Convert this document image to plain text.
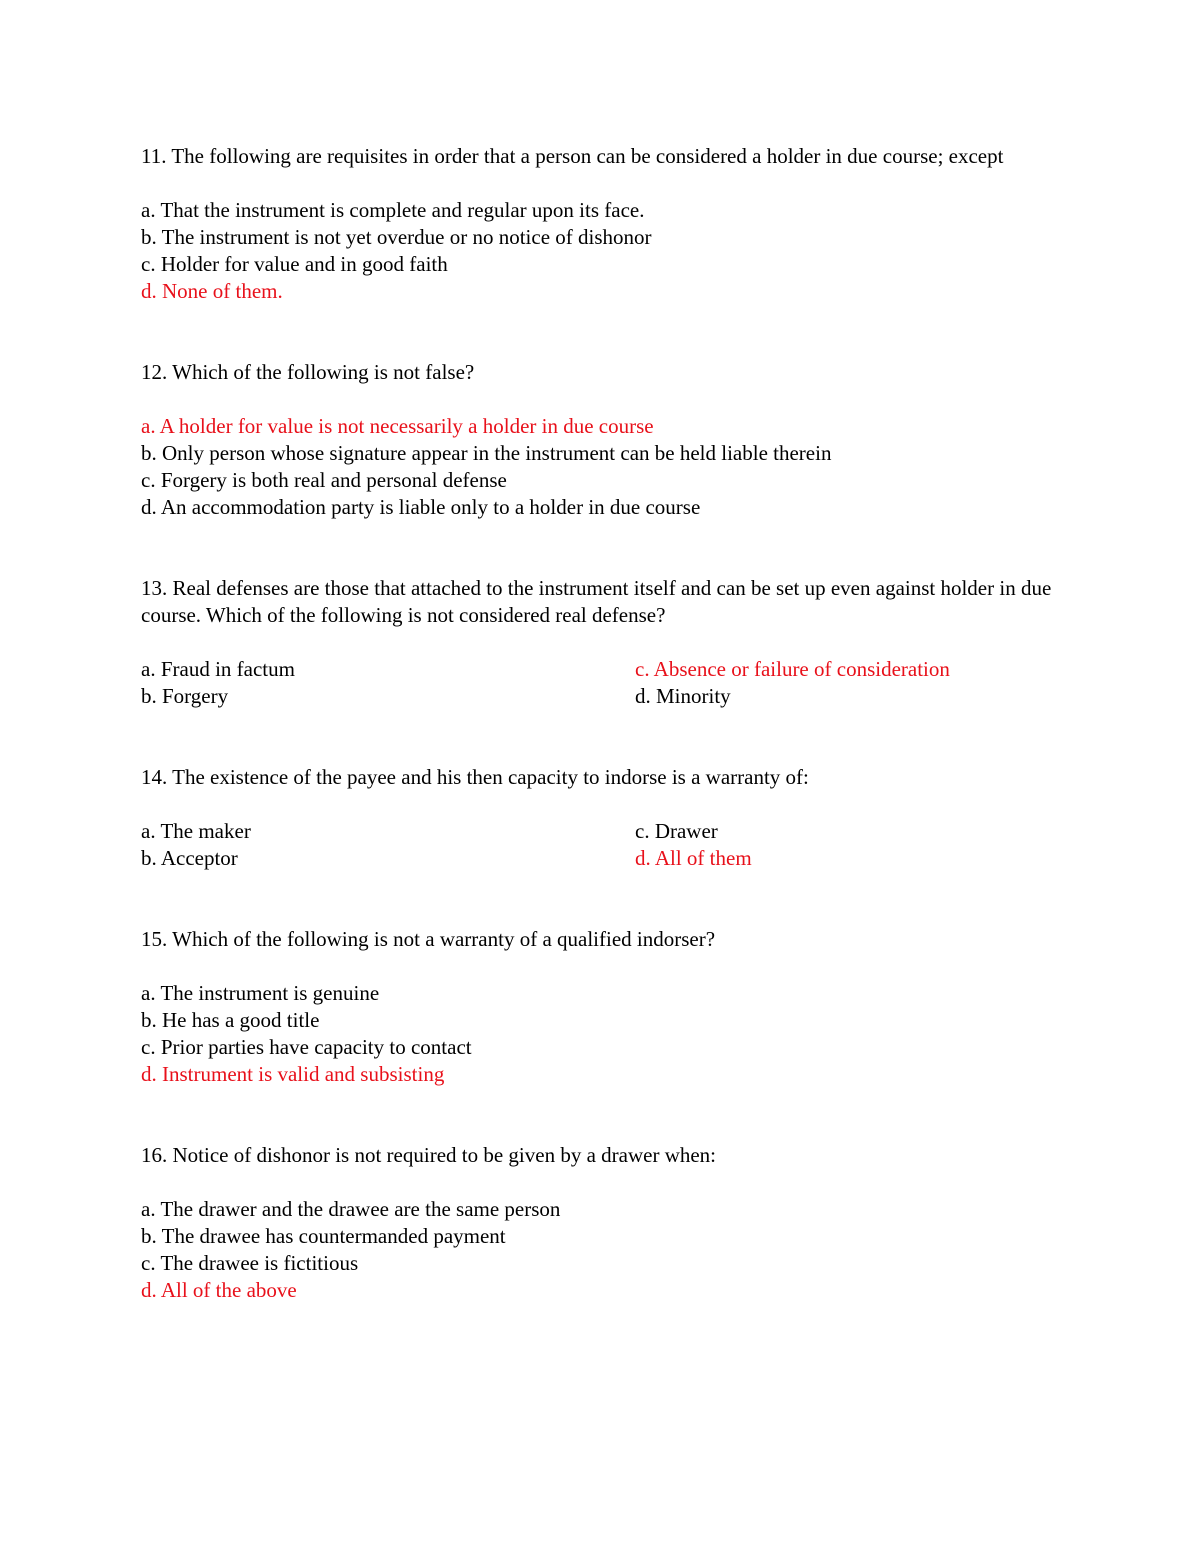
11. The following are requisites in order that a person can be considered a holder in due course; except

a. That the instrument is complete and regular upon its face.
b. The instrument is not yet overdue or no notice of dishonor
c. Holder for value and in good faith
d. None of them.

12. Which of the following is not false?

a. A holder for value is not necessarily a holder in due course
b. Only person whose signature appear in the instrument can be held liable therein
c. Forgery is both real and personal defense
d. An accommodation party is liable only to a holder in due course

13. Real defenses are those that attached to the instrument itself and can be set up even against holder in due course. Which of the following is not considered real defense?

a. Fraud in factum	c. Absence or failure of consideration
b. Forgery	d. Minority

14. The existence of the payee and his then capacity to indorse is a warranty of:

a. The maker	c. Drawer
b. Acceptor	d. All of them

15. Which of the following is not a warranty of a qualified indorser?

a. The instrument is genuine
b. He has a good title
c. Prior parties have capacity to contact
d. Instrument is valid and subsisting

16. Notice of dishonor is not required to be given by a drawer when:

a. The drawer and the drawee are the same person
b. The drawee has countermanded payment
c. The drawee is fictitious
d. All of the above
